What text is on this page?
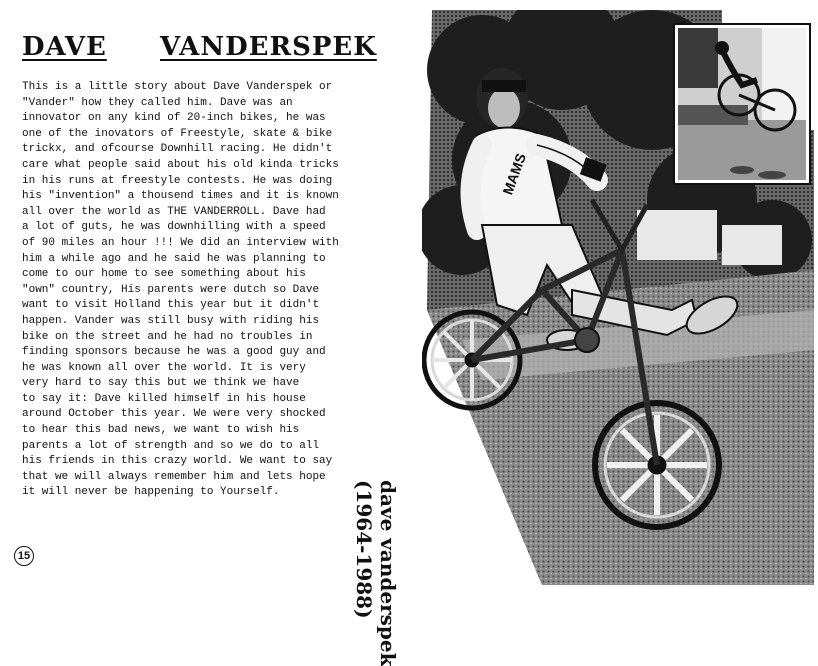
DAVE VANDERSPEK
This is a little story about Dave Vanderspek or
"Vander" how they called him. Dave was an
innovator on any kind of 20-inch bikes, he was
one of the inovators of Freestyle, skate & bike
trickx, and ofcourse Downhill racing. He didn't
care what people said about his old kinda tricks
in his runs at freestyle contests. He was doing
his "invention" a thousend times and it is known
all over the world as THE VANDERROLL. Dave had
a lot of guts, he was downhilling with a speed
of 90 miles an hour !!! We did an interview with
him a while ago and he said he was planning to
come to our home to see something about his
"own" country, His parents were dutch so Dave
want to visit Holland this year but it didn't
happen. Vander was still busy with riding his
bike on the street and he had no troubles in
finding sponsors because he was a good guy and
he was known all over the world. It is very
very hard to say this but we think we have
to say it: Dave killed himself in his house
around October this year. We were very shocked
to hear this bad news, we want to wish his
parents a lot of strength and so we do to all
his friends in this crazy world. We want to say
that we will always remember him and lets hope
it will never be happening to Yourself.
15
MAMS
dave vanderspek
(1964-1988)
